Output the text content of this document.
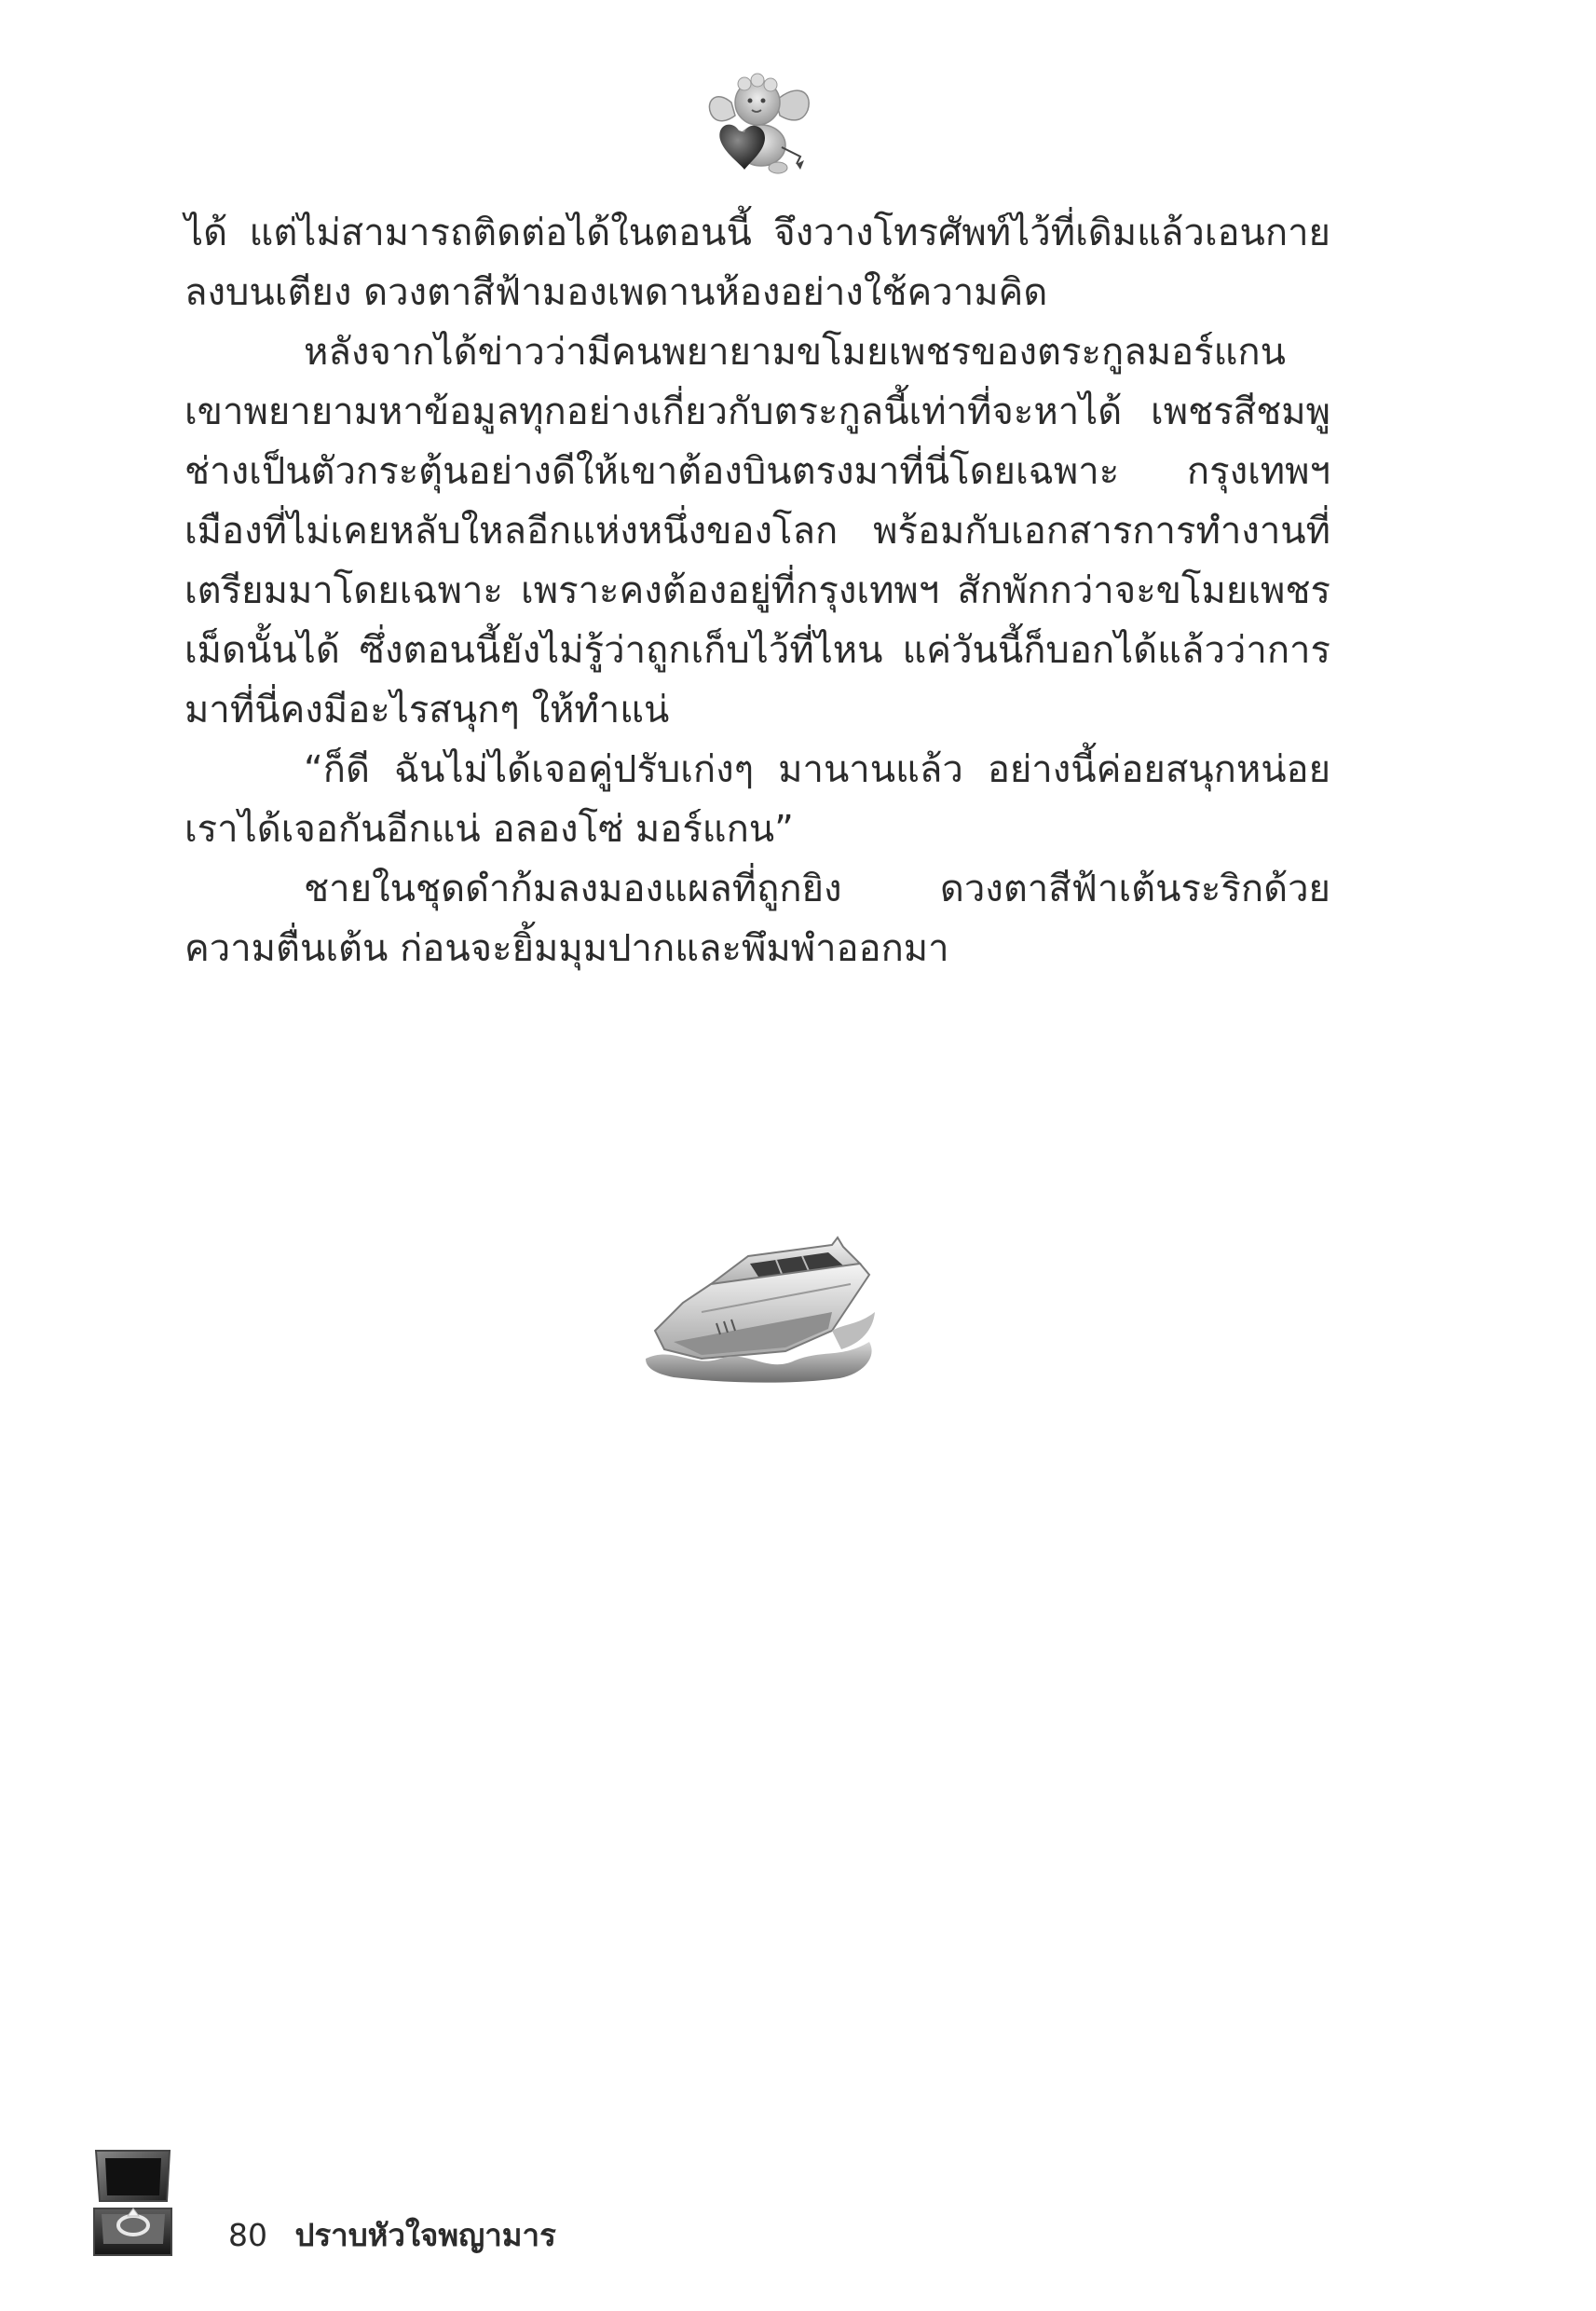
ได้ แต่ไม่สามารถติดต่อได้ในตอนนี้ จึงวางโทรศัพท์ไว้ที่เดิมแล้วเอนกายลงบนเตียง ดวงตาสีฟ้ามองเพดานห้องอย่างใช้ความคิด

หลังจากได้ข่าวว่ามีคนพยายามขโมยเพชรของตระกูลมอร์แกน เขาพยายามหาข้อมูลทุกอย่างเกี่ยวกับตระกูลนี้เท่าที่จะหาได้ เพชรสีชมพูช่างเป็นตัวกระตุ้นอย่างดีให้เขาต้องบินตรงมาที่นี่โดยเฉพาะ กรุงเทพฯ เมืองที่ไม่เคยหลับใหลอีกแห่งหนึ่งของโลก พร้อมกับเอกสารการทำงานที่เตรียมมาโดยเฉพาะ เพราะคงต้องอยู่ที่กรุงเทพฯ สักพักกว่าจะขโมยเพชรเม็ดนั้นได้ ซึ่งตอนนี้ยังไม่รู้ว่าถูกเก็บไว้ที่ไหน แค่วันนี้ก็บอกได้แล้วว่าการมาที่นี่คงมีอะไรสนุกๆ ให้ทำแน่

“ก็ดี ฉันไม่ได้เจอคู่ปรับเก่งๆ มานานแล้ว อย่างนี้ค่อยสนุกหน่อยเราได้เจอกันอีกแน่ อลองโซ่ มอร์แกน”

ชายในชุดดำก้มลงมองแผลที่ถูกยิง ดวงตาสีฟ้าเต้นระริกด้วยความตื่นเต้น ก่อนจะยิ้มมุมปากและพึมพำออกมา

80 ปราบหัวใจพญามาร
